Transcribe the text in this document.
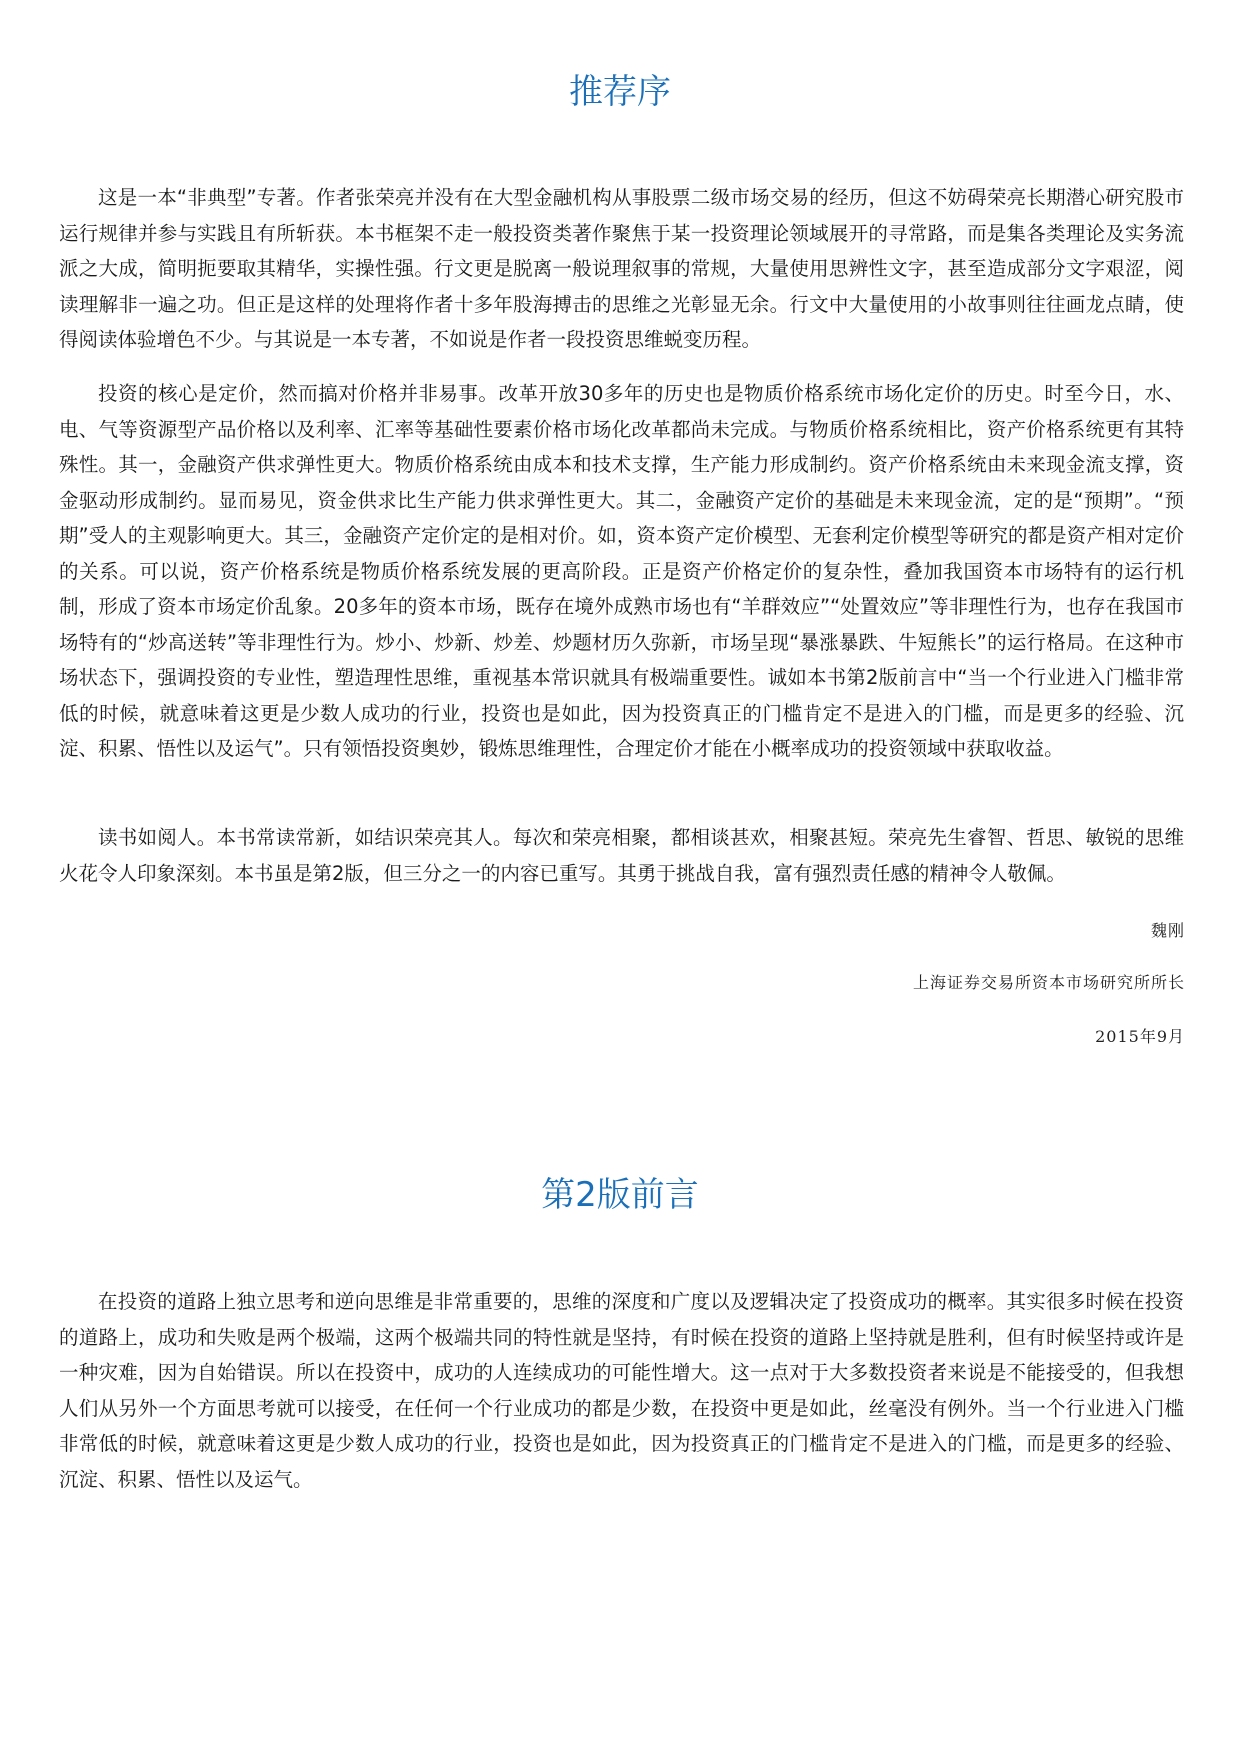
推荐序

这是一本“非典型”专著。作者张荣亮并没有在大型金融机构从事股票二级市场交易的经历，但这不妨碍荣亮长期潜心研究股市运行规律并参与实践且有所斩获。本书框架不走一般投资类著作聚焦于某一投资理论领域展开的寻常路，而是集各类理论及实务流派之大成，简明扼要取其精华，实操性强。行文更是脱离一般说理叙事的常规，大量使用思辨性文字，甚至造成部分文字艰涩，阅读理解非一遍之功。但正是这样的处理将作者十多年股海搏击的思维之光彰显无余。行文中大量使用的小故事则往往画龙点睛，使得阅读体验增色不少。与其说是一本专著，不如说是作者一段投资思维蜕变历程。

投资的核心是定价，然而搞对价格并非易事。改革开放30多年的历史也是物质价格系统市场化定价的历史。时至今日，水、电、气等资源型产品价格以及利率、汇率等基础性要素价格市场化改革都尚未完成。与物质价格系统相比，资产价格系统更有其特殊性。其一，金融资产供求弹性更大。物质价格系统由成本和技术支撑，生产能力形成制约。资产价格系统由未来现金流支撑，资金驱动形成制约。显而易见，资金供求比生产能力供求弹性更大。其二，金融资产定价的基础是未来现金流，定的是“预期”。“预期”受人的主观影响更大。其三，金融资产定价定的是相对价。如，资本资产定价模型、无套利定价模型等研究的都是资产相对定价的关系。可以说，资产价格系统是物质价格系统发展的更高阶段。正是资产价格定价的复杂性，叠加我国资本市场特有的运行机制，形成了资本市场定价乱象。20多年的资本市场，既存在境外成熟市场也有“羊群效应”“处置效应”等非理性行为，也存在我国市场特有的“炒高送转”等非理性行为。炒小、炒新、炒差、炒题材历久弥新，市场呈现“暴涨暴跌、牛短熊长”的运行格局。在这种市场状态下，强调投资的专业性，塑造理性思维，重视基本常识就具有极端重要性。诚如本书第2版前言中“当一个行业进入门槛非常低的时候，就意味着这更是少数人成功的行业，投资也是如此，因为投资真正的门槛肯定不是进入的门槛，而是更多的经验、沉淀、积累、悟性以及运气”。只有领悟投资奥妙，锻炼思维理性，合理定价才能在小概率成功的投资领域中获取收益。

读书如阅人。本书常读常新，如结识荣亮其人。每次和荣亮相聚，都相谈甚欢，相聚甚短。荣亮先生睿智、哲思、敏锐的思维火花令人印象深刻。本书虽是第2版，但三分之一的内容已重写。其勇于挑战自我，富有强烈责任感的精神令人敬佩。

魏刚

上海证券交易所资本市场研究所所长

2015年9月

第2版前言

在投资的道路上独立思考和逆向思维是非常重要的，思维的深度和广度以及逻辑决定了投资成功的概率。其实很多时候在投资的道路上，成功和失败是两个极端，这两个极端共同的特性就是坚持，有时候在投资的道路上坚持就是胜利，但有时候坚持或许是一种灾难，因为自始错误。所以在投资中，成功的人连续成功的可能性增大。这一点对于大多数投资者来说是不能接受的，但我想人们从另外一个方面思考就可以接受，在任何一个行业成功的都是少数，在投资中更是如此，丝毫没有例外。当一个行业进入门槛非常低的时候，就意味着这更是少数人成功的行业，投资也是如此，因为投资真正的门槛肯定不是进入的门槛，而是更多的经验、沉淀、积累、悟性以及运气。
